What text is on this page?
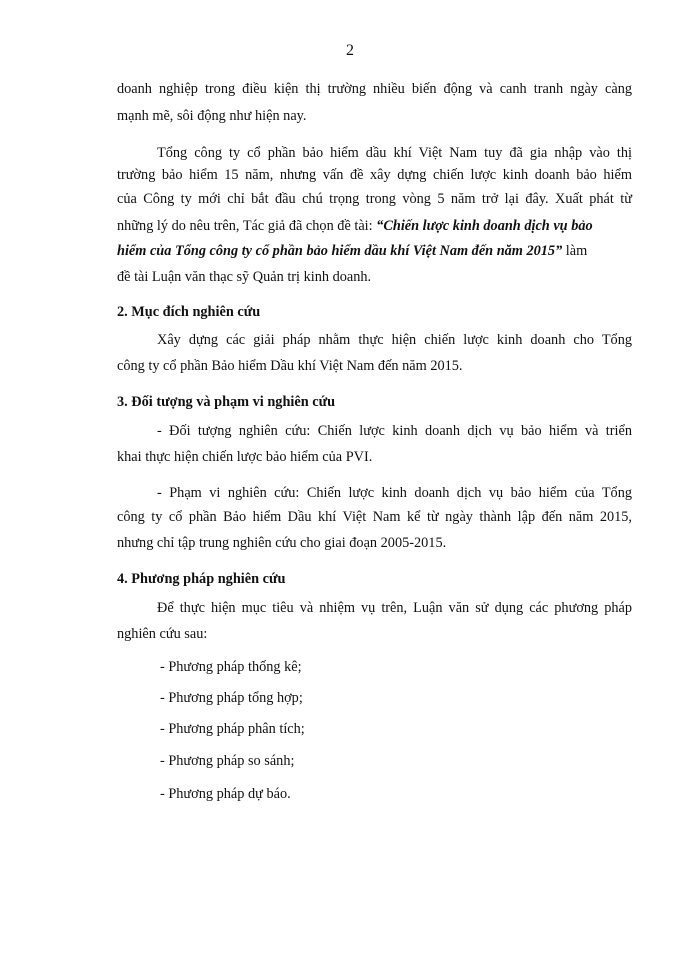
2
doanh nghiệp trong điều kiện thị trường nhiều biến động và canh tranh ngày càng
mạnh mẽ, sôi động như hiện nay.
Tổng công ty cổ phần bảo hiểm dầu khí Việt Nam tuy đã gia nhập vào thị
trường bảo hiểm 15 năm, nhưng vấn đề xây dựng chiến lược kinh doanh bảo hiểm
của Công ty mới chỉ bắt đầu chú trọng trong vòng 5 năm trở lại đây. Xuất phát từ
những lý do nêu trên, Tác giả đã chọn đề tài: “Chiến lược kinh doanh dịch vụ bảo
hiểm của Tổng công ty cổ phần bảo hiểm dầu khí Việt Nam đến năm 2015” làm
đề tài Luận văn thạc sỹ Quản trị kinh doanh.
2. Mục đích nghiên cứu
Xây dựng các giải pháp nhằm thực hiện chiến lược kinh doanh cho Tổng
công ty cổ phần Bảo hiểm Dầu khí Việt Nam đến năm 2015.
3. Đối tượng và phạm vi nghiên cứu
- Đối tượng nghiên cứu: Chiến lược kinh doanh dịch vụ bảo hiểm và triển
khai thực hiện chiến lược bảo hiểm của PVI.
- Phạm vi nghiên cứu: Chiến lược kinh doanh dịch vụ bảo hiểm của Tổng
công ty cổ phần Bảo hiểm Dầu khí Việt Nam kể từ ngày thành lập đến năm 2015,
nhưng chỉ tập trung nghiên cứu cho giai đoạn 2005-2015.
4. Phương pháp nghiên cứu
Để thực hiện mục tiêu và nhiệm vụ trên, Luận văn sử dụng các phương pháp
nghiên cứu sau:
- Phương pháp thống kê;
- Phương pháp tổng hợp;
- Phương pháp phân tích;
- Phương pháp so sánh;
- Phương pháp dự báo.
